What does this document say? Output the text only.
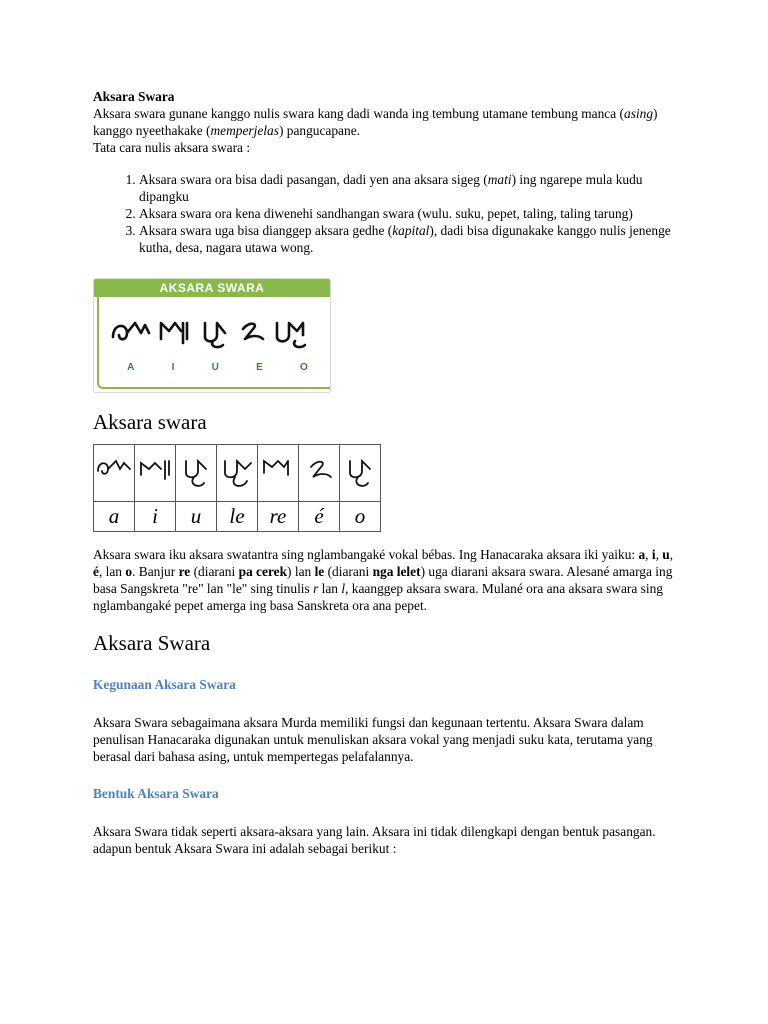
Aksara Swara

Aksara swara gunane kanggo nulis swara kang dadi wanda ing tembung utamane tembung manca (asing) kanggo nyeethakake (memperjelas) pangucapane.

Tata cara nulis aksara swara :

1. Aksara swara ora bisa dadi pasangan, dadi yen ana aksara sigeg (mati) ing ngarepe mula kudu dipangku
2. Aksara swara ora kena diwenehi sandhangan swara (wulu. suku, pepet, taling, taling tarung)
3. Aksara swara uga bisa dianggep aksara gedhe (kapital), dadi bisa digunakake kanggo nulis jenenge kutha, desa, nagara utawa wong.
AKSARA SWARA
A	I	U	E	O
Aksara swara

a	i	u	le	re	é	o

Aksara swara iku aksara swatantra sing nglambangaké vokal bébas. Ing Hanacaraka aksara iki yaiku: a, i, u, é, lan o. Banjur re (diarani pa cerek) lan le (diarani nga lelet) uga diarani aksara swara. Alesané amarga ing basa Sangskreta "re" lan "le" sing tinulis r lan l, kaanggep aksara swara. Mulané ora ana aksara swara sing nglambangaké pepet amerga ing basa Sanskreta ora ana pepet.

Aksara Swara

Kegunaan Aksara Swara

Aksara Swara sebagaimana aksara Murda memiliki fungsi dan kegunaan tertentu. Aksara Swara dalam penulisan Hanacaraka digunakan untuk menuliskan aksara vokal yang menjadi suku kata, terutama yang berasal dari bahasa asing, untuk mempertegas pelafalannya.

Bentuk Aksara Swara

Aksara Swara tidak seperti aksara-aksara yang lain. Aksara ini tidak dilengkapi dengan bentuk pasangan. adapun bentuk Aksara Swara ini adalah sebagai berikut :
